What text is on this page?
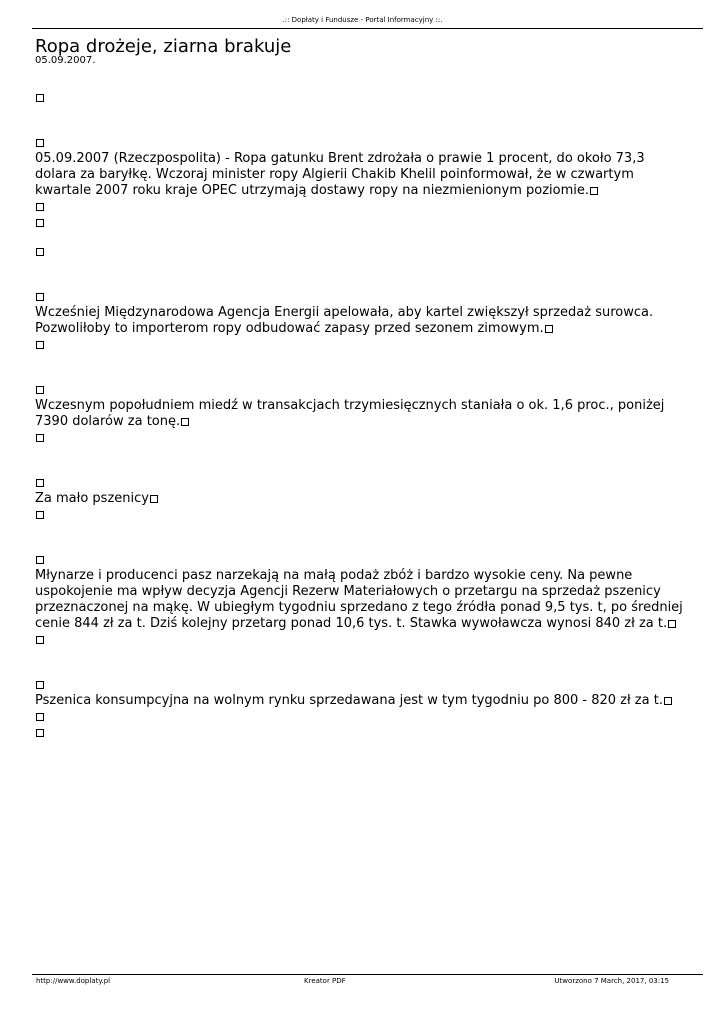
.:: Dopłaty i Fundusze - Portal Informacyjny ::.
Ropa drożeje, ziarna brakuje
05.09.2007.

05.09.2007 (Rzeczpospolita) - Ropa gatunku Brent zdrożała o prawie 1 procent, do około 73,3 dolara za baryłkę. Wczoraj minister ropy Algierii Chakib Khelil poinformował, że w czwartym kwartale 2007 roku kraje OPEC utrzymają dostawy ropy na niezmienionym poziomie.

Wcześniej Międzynarodowa Agencja Energii apelowała, aby kartel zwiększył sprzedaż surowca. Pozwoliłoby to importerom ropy odbudować zapasy przed sezonem zimowym.

Wczesnym popołudniem miedź w transakcjach trzymiesięcznych staniała o ok. 1,6 proc., poniżej 7390 dolarów za tonę.

Za mało pszenicy

Młynarze i producenci pasz narzekają na małą podaż zbóż i bardzo wysokie ceny. Na pewne uspokojenie ma wpływ decyzja Agencji Rezerw Materiałowych o przetargu na sprzedaż pszenicy przeznaczonej na mąkę. W ubiegłym tygodniu sprzedano z tego źródła ponad 9,5 tys. t, po średniej cenie 844 zł za t. Dziś kolejny przetarg ponad 10,6 tys. t. Stawka wywoławcza wynosi 840 zł za t.

Pszenica konsumpcyjna na wolnym rynku sprzedawana jest w tym tygodniu po 800 - 820 zł za t.

http://www.doplaty.pl	Kreator PDF	Utworzono 7 March, 2017, 03:15
